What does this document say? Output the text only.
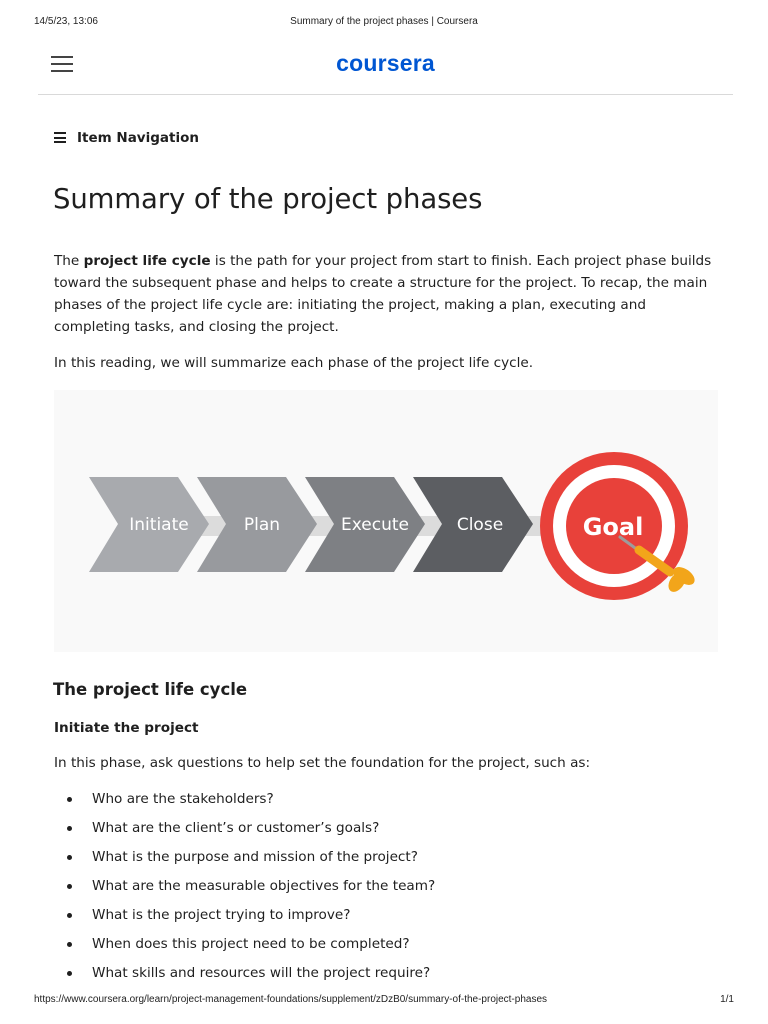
14/5/23, 13:06	Summary of the project phases | Coursera
coursera
Item Navigation
Summary of the project phases

The project life cycle is the path for your project from start to finish. Each project phase builds toward the subsequent phase and helps to create a structure for the project. To recap, the main phases of the project life cycle are: initiating the project, making a plan, executing and completing tasks, and closing the project.

In this reading, we will summarize each phase of the project life cycle.

Initiate	Plan	Execute	Close	Goal
The project life cycle
Initiate the project

In this phase, ask questions to help set the foundation for the project, such as:

Who are the stakeholders?
What are the client’s or customer’s goals?
What is the purpose and mission of the project?
What are the measurable objectives for the team?
What is the project trying to improve?
When does this project need to be completed?
What skills and resources will the project require?
https://www.coursera.org/learn/project-management-foundations/supplement/zDzB0/summary-of-the-project-phases	1/1
